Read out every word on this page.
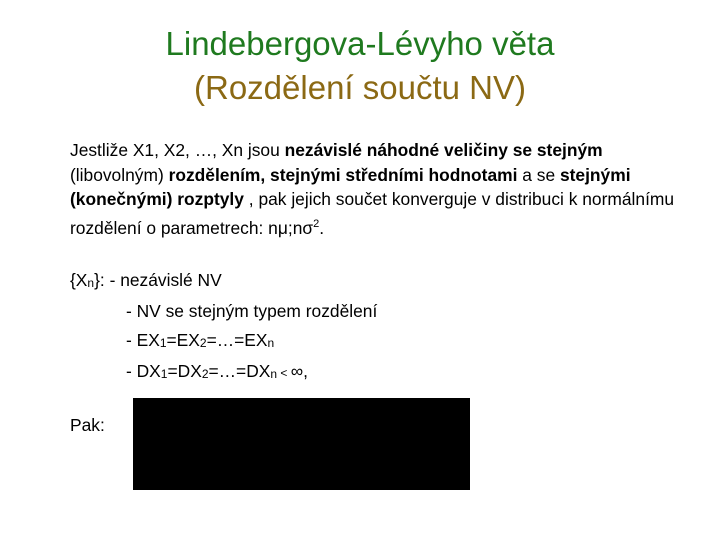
Lindebergova-Lévyho věta
(Rozdělení součtu NV)
Jestliže X1, X2, …, Xn jsou nezávislé náhodné veličiny se stejným (libovolným) rozdělením, stejnými středními hodnotami a se stejnými (konečnými) rozptyly , pak jejich součet konverguje v distribuci k normálnímu rozdělení o parametrech: $n\mu;n\sigma^2$.
$\{X_n\}$: - nezávislé NV
- NV se stejným typem rozdělení
- $EX_1=EX_2=\dots=EX_n$
- $DX_1=DX_2=\dots=DX_n$ < ∞,
Pak:
